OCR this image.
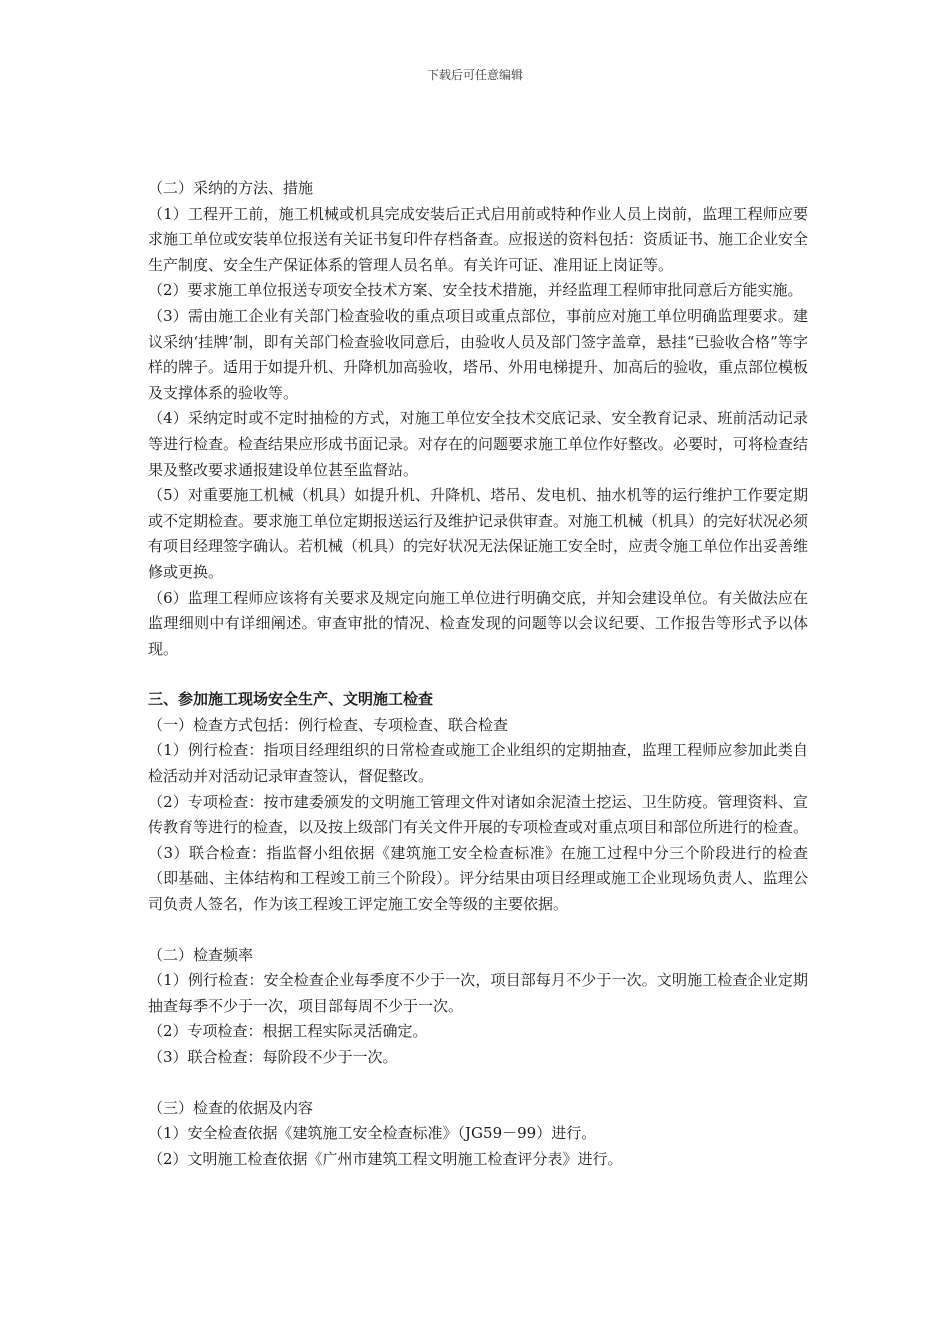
下载后可任意编辑

（二）采纳的方法、措施

（1）工程开工前，施工机械或机具完成安装后正式启用前或特种作业人员上岗前，监理工程师应要求施工单位或安装单位报送有关证书复印件存档备查。应报送的资料包括：资质证书、施工企业安全生产制度、安全生产保证体系的管理人员名单。有关许可证、准用证上岗证等。

（2）要求施工单位报送专项安全技术方案、安全技术措施，并经监理工程师审批同意后方能实施。

（3）需由施工企业有关部门检查验收的重点项目或重点部位，事前应对施工单位明确监理要求。建议采纳‘挂牌’制，即有关部门检查验收同意后，由验收人员及部门签字盖章，悬挂“已验收合格”等字样的牌子。适用于如提升机、升降机加高验收，塔吊、外用电梯提升、加高后的验收，重点部位模板及支撑体系的验收等。

（4）采纳定时或不定时抽检的方式，对施工单位安全技术交底记录、安全教育记录、班前活动记录等进行检查。检查结果应形成书面记录。对存在的问题要求施工单位作好整改。必要时，可将检查结果及整改要求通报建设单位甚至监督站。

（5）对重要施工机械（机具）如提升机、升降机、塔吊、发电机、抽水机等的运行维护工作要定期或不定期检查。要求施工单位定期报送运行及维护记录供审查。对施工机械（机具）的完好状况必须有项目经理签字确认。若机械（机具）的完好状况无法保证施工安全时，应责令施工单位作出妥善维修或更换。

（6）监理工程师应该将有关要求及规定向施工单位进行明确交底，并知会建设单位。有关做法应在监理细则中有详细阐述。审查审批的情况、检查发现的问题等以会议纪要、工作报告等形式予以体现。

三、参加施工现场安全生产、文明施工检查

（一）检查方式包括：例行检查、专项检查、联合检查

（1）例行检查：指项目经理组织的日常检查或施工企业组织的定期抽查，监理工程师应参加此类自检活动并对活动记录审查签认，督促整改。

（2）专项检查：按市建委颁发的文明施工管理文件对诸如余泥渣土挖运、卫生防疫。管理资料、宣传教育等进行的检查，以及按上级部门有关文件开展的专项检查或对重点项目和部位所进行的检查。

（3）联合检查：指监督小组依据《建筑施工安全检查标准》在施工过程中分三个阶段进行的检查（即基础、主体结构和工程竣工前三个阶段）。评分结果由项目经理或施工企业现场负责人、监理公司负责人签名，作为该工程竣工评定施工安全等级的主要依据。

（二）检查频率

（1）例行检查：安全检查企业每季度不少于一次，项目部每月不少于一次。文明施工检查企业定期抽查每季不少于一次，项目部每周不少于一次。

（2）专项检查：根据工程实际灵活确定。

（3）联合检查：每阶段不少于一次。

（三）检查的依据及内容

（1）安全检查依据《建筑施工安全检查标准》（JG59－99）进行。

（2）文明施工检查依据《广州市建筑工程文明施工检查评分表》进行。
